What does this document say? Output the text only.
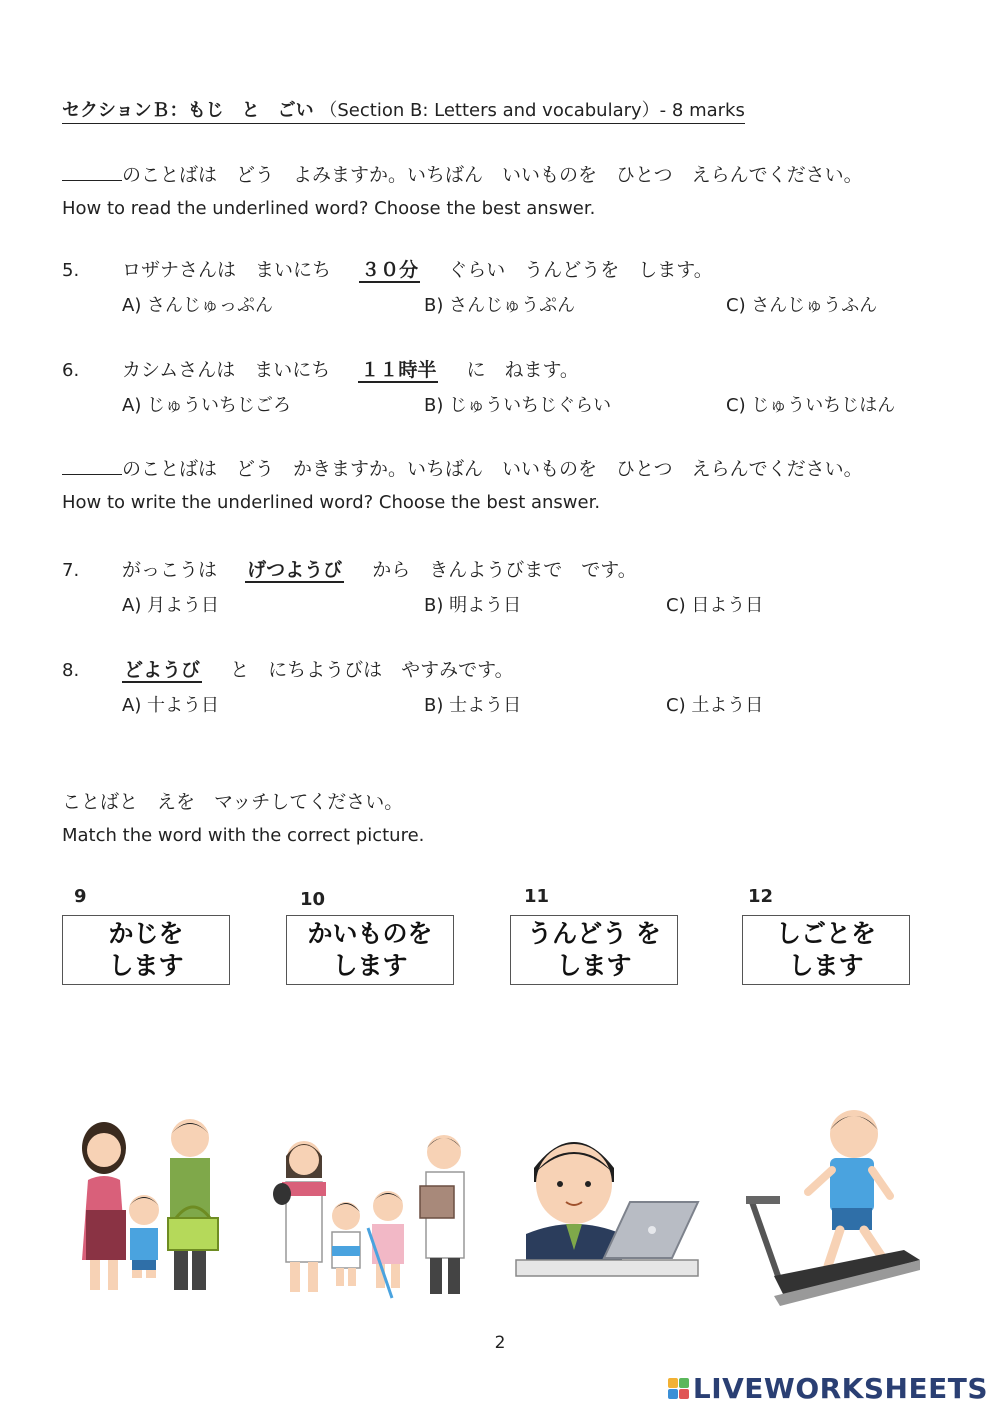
セクションＢ：もじ　と　ごい （Section B: Letters and vocabulary）- 8 marks
のことばは　どう　よみますか。いちばん　いいものを　ひとつ　えらんでください。
How to read the underlined word? Choose the best answer.
5. ロザナさんは　まいにち ３０分 ぐらい　うんどうを　します。
A) さんじゅっぷん	B) さんじゅうぷん	C) さんじゅうふん
6. カシムさんは　まいにち １１時半 に　ねます。
A) じゅういちじごろ	B) じゅういちじぐらい	C) じゅういちじはん
のことばは　どう　かきますか。いちばん　いいものを　ひとつ　えらんでください。
How to write the underlined word? Choose the best answer.
7. がっこうは げつようび から　きんようびまで　です。
A) 月よう日	B) 明よう日	C) 日よう日
8. どようび と　にちようびは　やすみです。
A) 十よう日	B) 士よう日	C) 土よう日
ことばと　えを　マッチしてください。
Match the word with the correct picture.
9	10	11	12
かじを
します
かいものを
します
うんどう を
します
しごとを
します
2
LIVEWORKSHEETS
